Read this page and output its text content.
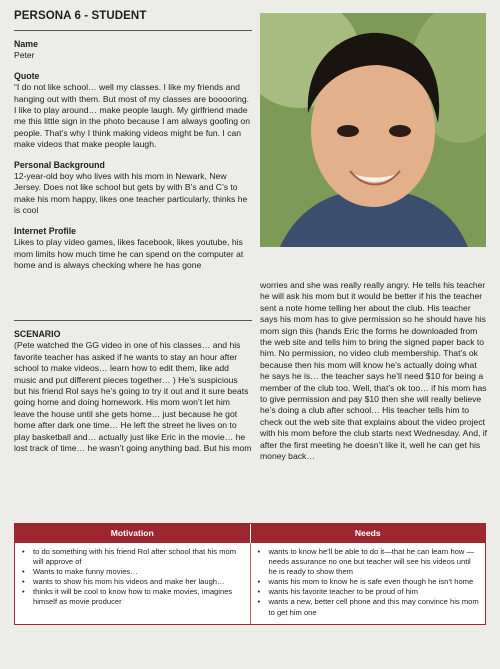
PERSONA 6 - STUDENT
Name
Peter
Quote
“I do not like school… well my classes. I like my friends and hanging out with them. But most of my classes are booooring. I like to play around… make people laugh. My girlfriend made me this little sign in the photo because I am always goofing on people. That’s why I think making videos might be fun. I can make videos that make people laugh.
Personal Background
12-year-old boy who lives with his mom in Newark, New Jersey. Does not like school but gets by with B’s and C’s to make his mom happy, likes one teacher particularly, thinks he is cool
Internet Profile
Likes to play video games, likes facebook, likes youtube, his mom limits how much time he can spend on the computer at home and is always checking where he has gone
SCENARIO
(Pete watched the GG video in one of his classes… and his favorite teacher has asked if he wants to stay an hour after school to make videos… learn how to edit them, like add music and put different pieces together… ) He’s suspicious but his friend Rol says he’s going to try it out and it sure beats going home and doing homework. His mom won’t let him leave the house until she gets home… just because he got home after dark one time… He left the street he lives on to play basketball and… actually just like Eric in the movie… he lost track of time… he wasn’t going anything bad. But his mom
worries and she was really really angry. He tells his teacher he will ask his mom but it would be better if his the teacher sent a note home telling her about the club. His teacher says his mom has to give permission so he should have his mom sign this (hands Eric the forms he downloaded from the web site and tells him to bring the signed paper back to him. No permission, no video club membership. That’s ok because then his mom will know he’s actually doing what he says he is… the teacher says he’ll need $10 for being a member of the club too. Well, that’s ok too… if his mom has to give permission and pay $10 then she will really believe he’s doing a club after school… His teacher tells him to check out the web site that explains about the video project with his mom before the club starts next Wednesday. And, if after the first meeting he doesn’t like it, well he can get his money back…
Motivation	Needs
• to do something with his friend Rol after school that his mom will approve of
• Wants to make funny movies…
• wants to show his mom his videos and make her laugh…
• thinks it will be cool to know how to make movies, imagines himself as movie producer
• wants to know he’ll be able to do it—that he can learn how —needs assurance no one but teacher will see his videos until he is ready to show them
• wants his mom to know he is safe even though he isn’t home
• wants his favorite teacher to be proud of him
• wants a new, better cell phone and this may convince his mom to get him one
